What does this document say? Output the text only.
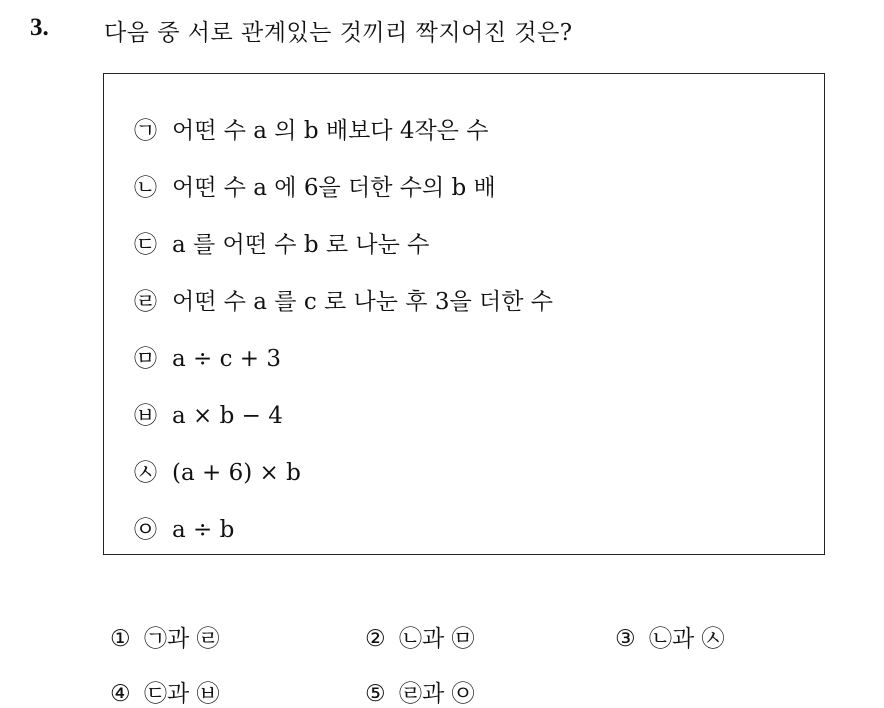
3. 다음 중 서로 관계있는 것끼리 짝지어진 것은?
㉠ 어떤 수 a 의 b 배보다 4작은 수
㉡ 어떤 수 a 에 6을 더한 수의 b 배
㉢ a 를 어떤 수 b 로 나눈 수
㉣ 어떤 수 a 를 c 로 나눈 후 3을 더한 수
㉤ a ÷ c + 3
㉥ a × b − 4
㉦ (a + 6) × b
㉧ a ÷ b
① ㉠과 ㉣	② ㉡과 ㉤	③ ㉡과 ㉦
④ ㉢과 ㉥	⑤ ㉣과 ㉧
